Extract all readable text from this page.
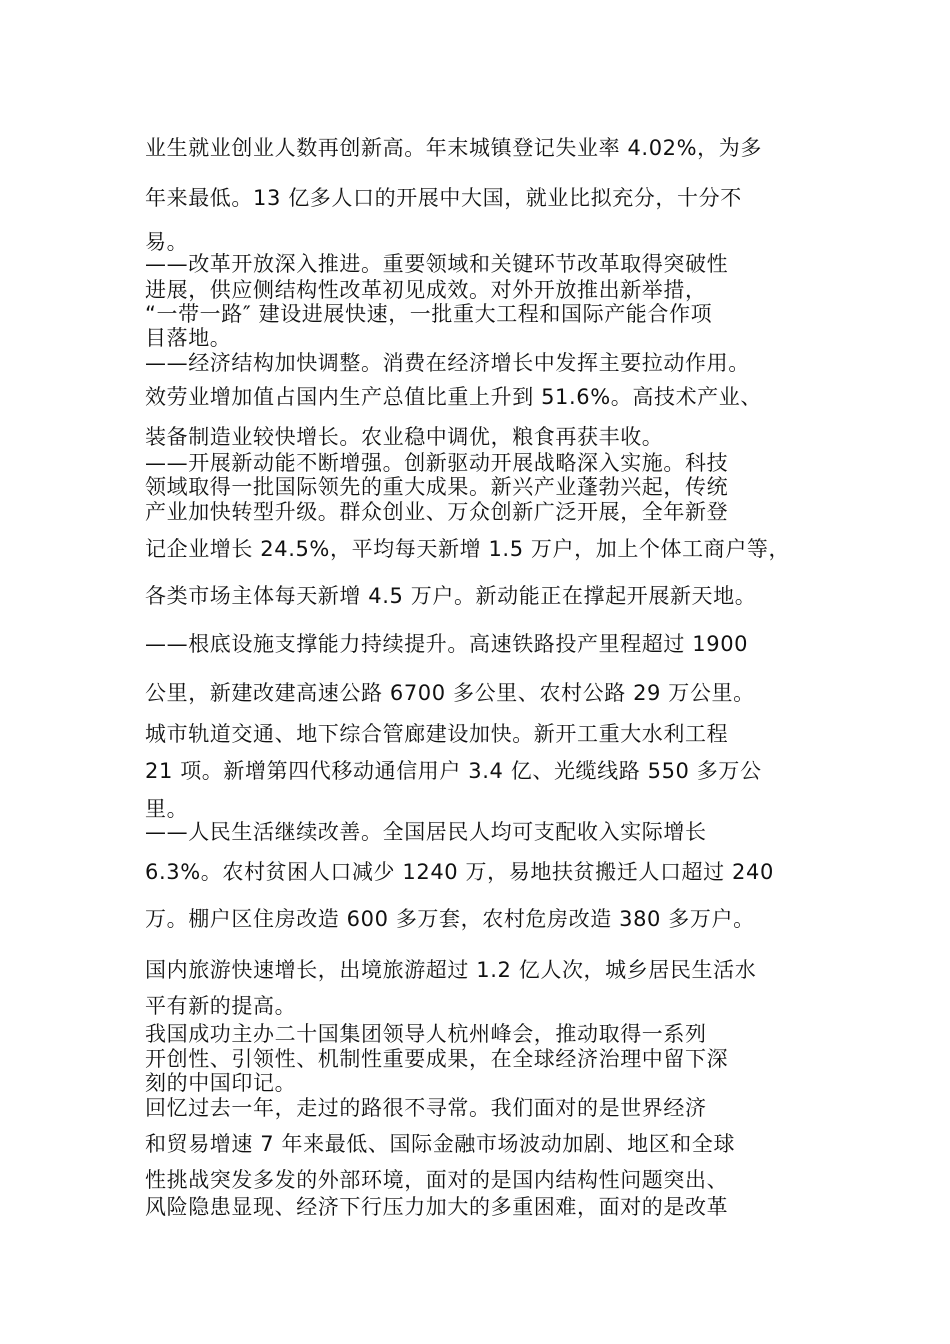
业生就业创业人数再创新高。年末城镇登记失业率 4.02%，为多
年来最低。13 亿多人口的开展中大国，就业比拟充分，十分不
易。
——改革开放深入推进。重要领域和关键环节改革取得突破性
进展，供应侧结构性改革初见成效。对外开放推出新举措，
“一带一路″ 建设进展快速，一批重大工程和国际产能合作项
目落地。
——经济结构加快调整。消费在经济增长中发挥主要拉动作用。
效劳业增加值占国内生产总值比重上升到 51.6%。高技术产业、
装备制造业较快增长。农业稳中调优，粮食再获丰收。
——开展新动能不断增强。创新驱动开展战略深入实施。科技
领域取得一批国际领先的重大成果。新兴产业蓬勃兴起，传统
产业加快转型升级。群众创业、万众创新广泛开展，全年新登
记企业增长 24.5%，平均每天新增 1.5 万户，加上个体工商户等，
各类市场主体每天新增 4.5 万户。新动能正在撑起开展新天地。
——根底设施支撑能力持续提升。高速铁路投产里程超过 1900
公里，新建改建高速公路 6700 多公里、农村公路 29 万公里。
城市轨道交通、地下综合管廊建设加快。新开工重大水利工程
21 项。新增第四代移动通信用户 3.4 亿、光缆线路 550 多万公
里。
——人民生活继续改善。全国居民人均可支配收入实际增长
6.3%。农村贫困人口减少 1240 万，易地扶贫搬迁人口超过 240
万。棚户区住房改造 600 多万套，农村危房改造 380 多万户。
国内旅游快速增长，出境旅游超过 1.2 亿人次，城乡居民生活水
平有新的提高。
我国成功主办二十国集团领导人杭州峰会，推动取得一系列
开创性、引领性、机制性重要成果，在全球经济治理中留下深
刻的中国印记。
回忆过去一年，走过的路很不寻常。我们面对的是世界经济
和贸易增速 7 年来最低、国际金融市场波动加剧、地区和全球
性挑战突发多发的外部环境，面对的是国内结构性问题突出、
风险隐患显现、经济下行压力加大的多重困难，面对的是改革
